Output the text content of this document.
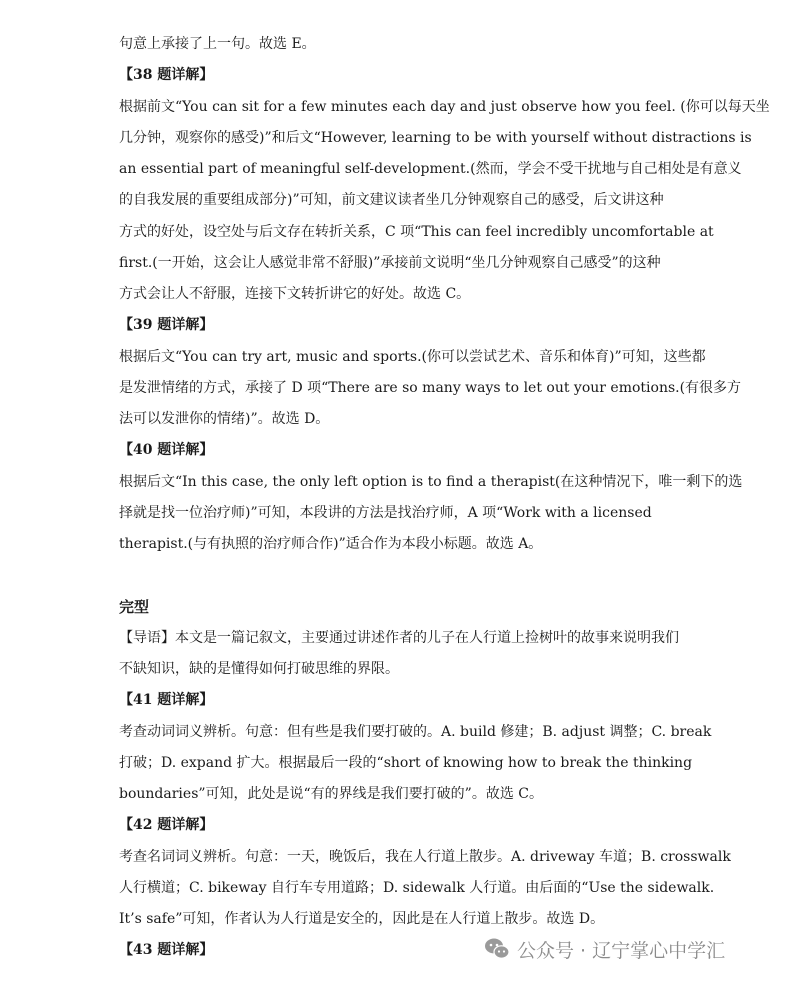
句意上承接了上一句。故选 E。
【38 题详解】
根据前文“You can sit for a few minutes each day and just observe how you feel. (你可以每天坐
几分钟，观察你的感受)”和后文“However, learning to be with yourself without distractions is
an essential part of meaningful self-development.(然而，学会不受干扰地与自己相处是有意义
的自我发展的重要组成部分)”可知，前文建议读者坐几分钟观察自己的感受，后文讲这种
方式的好处，设空处与后文存在转折关系，C 项“This can feel incredibly uncomfortable at
first.(一开始，这会让人感觉非常不舒服)”承接前文说明“坐几分钟观察自己感受”的这种
方式会让人不舒服，连接下文转折讲它的好处。故选 C。
【39 题详解】
根据后文“You can try art, music and sports.(你可以尝试艺术、音乐和体育)”可知，这些都
是发泄情绪的方式，承接了 D 项“There are so many ways to let out your emotions.(有很多方
法可以发泄你的情绪)”。故选 D。
【40 题详解】
根据后文“In this case, the only left option is to find a therapist(在这种情况下，唯一剩下的选
择就是找一位治疗师)”可知，本段讲的方法是找治疗师，A 项“Work with a licensed
therapist.(与有执照的治疗师合作)”适合作为本段小标题。故选 A。
完型
【导语】本文是一篇记叙文，主要通过讲述作者的儿子在人行道上捡树叶的故事来说明我们
不缺知识，缺的是懂得如何打破思维的界限。
【41 题详解】
考查动词词义辨析。句意：但有些是我们要打破的。A. build 修建；B. adjust 调整；C. break
打破；D. expand 扩大。根据最后一段的“short of knowing how to break the thinking
boundaries”可知，此处是说“有的界线是我们要打破的”。故选 C。
【42 题详解】
考查名词词义辨析。句意：一天，晚饭后，我在人行道上散步。A. driveway 车道；B. crosswalk
人行横道；C. bikeway 自行车专用道路；D. sidewalk 人行道。由后面的“Use the sidewalk.
It’s safe”可知，作者认为人行道是安全的，因此是在人行道上散步。故选 D。
【43 题详解】	公众号 · 辽宁掌心中学汇
